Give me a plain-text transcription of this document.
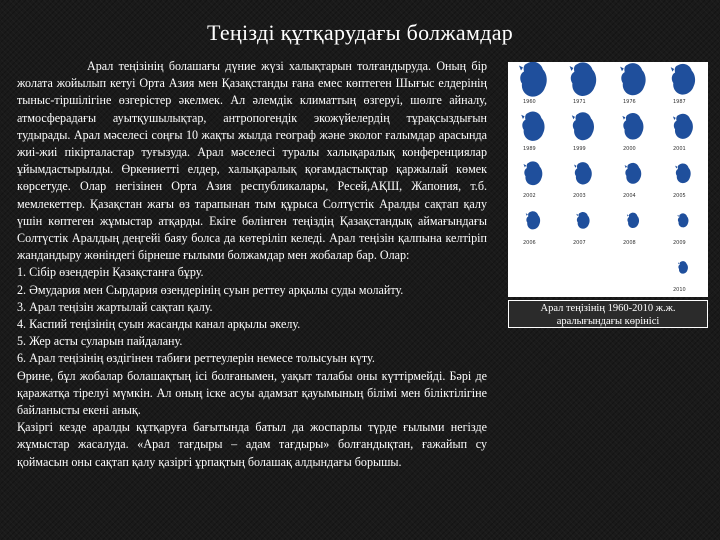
Теңізді құтқарудағы болжамдар

Арал теңізінің болашағы дүние жүзі халықтарын толғандыруда. Оның бір жолата жойылып кетуі Орта Азия мен Қазақстанды ғана емес көптеген Шығыс елдерінің тыныс-тіршілігіне өзгерістер әкелмек. Ал әлемдік климаттың өзгеруі, шөлге айналу, атмосферадағы ауытқушылықтар, антропогендік экожүйелердің тұрақсыздығын тудырады. Арал мәселесі соңғы 10 жақты жылда географ және эколог ғалымдар арасында жиі-жиі пікірталастар туғызуда. Арал мәселесі туралы халықаралық конференциялар ұйымдастырылды. Өркениетті елдер, халықаралық қоғамдастықтар қаржылай көмек көрсетуде. Олар негізінен Орта Азия республикалары, Ресей,АҚШ, Жапония, т.б. мемлекеттер. Қазақстан жағы өз тарапынан тым құрыса Солтүстік Аралды сақтап қалу үшін көптеген жұмыстар атқарды. Екіге бөлінген теңіздің Қазақстандық аймағындағы Солтүстік Аралдың деңгейі баяу болса да көтеріліп келеді. Арал теңізін қалпына келтіріп жандандыру жөніндегі бірнеше ғылыми болжамдар мен жобалар бар. Олар:

1. Сібір өзендерін Қазақстанға бұру.

2. Әмудария мен Сырдария өзендерінің суын реттеу арқылы суды молайту.

3. Арал теңізін жартылай сақтап қалу.

4. Каспий теңізінің суын жасанды канал арқылы әкелу.

5. Жер асты суларын пайдалану.

6. Арал теңізінің өздігінен табиғи реттеулерін немесе толысуын күту.

Өрине, бұл жобалар болашақтың ісі болғанымен, уақыт талабы оны күттірмейді. Бәрі де қаражатқа тірелуі мүмкін. Ал оның іске асуы адамзат қауымының білімі мен біліктілігіне байланысты екені анық.

Қазіргі кезде аралды құтқаруға бағытында батыл да жоспарлы түрде ғылыми негізде жұмыстар жасалуда. «Арал тағдыры – адам тағдыры» болғандықтан, ғажайып су қоймасын оны сақтап қалу қазіргі ұрпақтың болашақ алдындағы борышы.

1960	1971	1976	1987
1989	1999	2000	2001
2002	2003	2004	2005
2006	2007	2008	2009
2010
Арал теңізінің 1960-2010 ж.ж. аралығындағы көрінісі
